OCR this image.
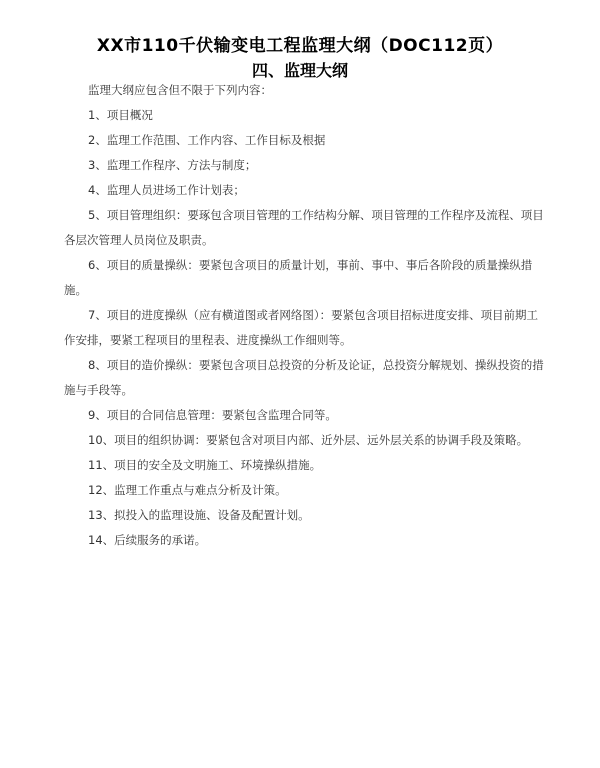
XX市110千伏输变电工程监理大纲（DOC112页）
四、监理大纲

监理大纲应包含但不限于下列内容：

1、项目概况

2、监理工作范围、工作内容、工作目标及根据

3、监理工作程序、方法与制度；

4、监理人员进场工作计划表；

5、项目管理组织：要琢包含项目管理的工作结构分解、项目管理的工作程序及流程、项目各层次管理人员岗位及职责。

6、项目的质量操纵：要紧包含项目的质量计划，事前、事中、事后各阶段的质量操纵措施。

7、项目的进度操纵（应有横道图或者网络图）：要紧包含项目招标进度安排、项目前期工作安排，要紧工程项目的里程表、进度操纵工作细则等。

8、项目的造价操纵：要紧包含项目总投资的分析及论证，总投资分解规划、操纵投资的措施与手段等。

9、项目的合同信息管理：要紧包含监理合同等。

10、项目的组织协调：要紧包含对项目内部、近外层、远外层关系的协调手段及策略。

11、项目的安全及文明施工、环境操纵措施。

12、监理工作重点与难点分析及计策。

13、拟投入的监理设施、设备及配置计划。

14、后续服务的承诺。
